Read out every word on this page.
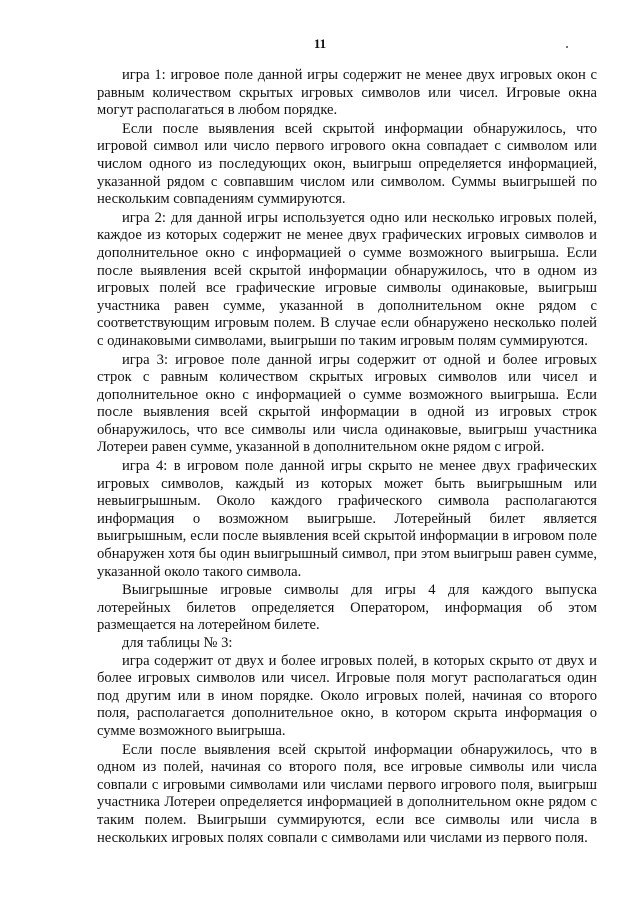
11

игра 1: игровое поле данной игры содержит не менее двух игровых окон с равным количеством скрытых игровых символов или чисел. Игровые окна могут располагаться в любом порядке.

Если после выявления всей скрытой информации обнаружилось, что игровой символ или число первого игрового окна совпадает с символом или числом одного из последующих окон, выигрыш определяется информацией, указанной рядом с совпавшим числом или символом. Суммы выигрышей по нескольким совпадениям суммируются.

игра 2: для данной игры используется одно или несколько игровых полей, каждое из которых содержит не менее двух графических игровых символов и дополнительное окно с информацией о сумме возможного выигрыша. Если после выявления всей скрытой информации обнаружилось, что в одном из игровых полей все графические игровые символы одинаковые, выигрыш участника равен сумме, указанной в дополнительном окне рядом с соответствующим игровым полем. В случае если обнаружено несколько полей с одинаковыми символами, выигрыши по таким игровым полям суммируются.

игра 3: игровое поле данной игры содержит от одной и более игровых строк с равным количеством скрытых игровых символов или чисел и дополнительное окно с информацией о сумме возможного выигрыша. Если после выявления всей скрытой информации в одной из игровых строк обнаружилось, что все символы или числа одинаковые, выигрыш участника Лотереи равен сумме, указанной в дополнительном окне рядом с игрой.

игра 4: в игровом поле данной игры скрыто не менее двух графических игровых символов, каждый из которых может быть выигрышным или невыигрышным. Около каждого графического символа располагаются информация о возможном выигрыше. Лотерейный билет является выигрышным, если после выявления всей скрытой информации в игровом поле обнаружен хотя бы один выигрышный символ, при этом выигрыш равен сумме, указанной около такого символа.

Выигрышные игровые символы для игры 4 для каждого выпуска лотерейных билетов определяется Оператором, информация об этом размещается на лотерейном билете.

для таблицы № 3:

игра содержит от двух и более игровых полей, в которых скрыто от двух и более игровых символов или чисел. Игровые поля могут располагаться один под другим или в ином порядке. Около игровых полей, начиная со второго поля, располагается дополнительное окно, в котором скрыта информация о сумме возможного выигрыша.

Если после выявления всей скрытой информации обнаружилось, что в одном из полей, начиная со второго поля, все игровые символы или числа совпали с игровыми символами или числами первого игрового поля, выигрыш участника Лотереи определяется информацией в дополнительном окне рядом с таким полем. Выигрыши суммируются, если все символы или числа в нескольких игровых полях совпали с символами или числами из первого поля.
